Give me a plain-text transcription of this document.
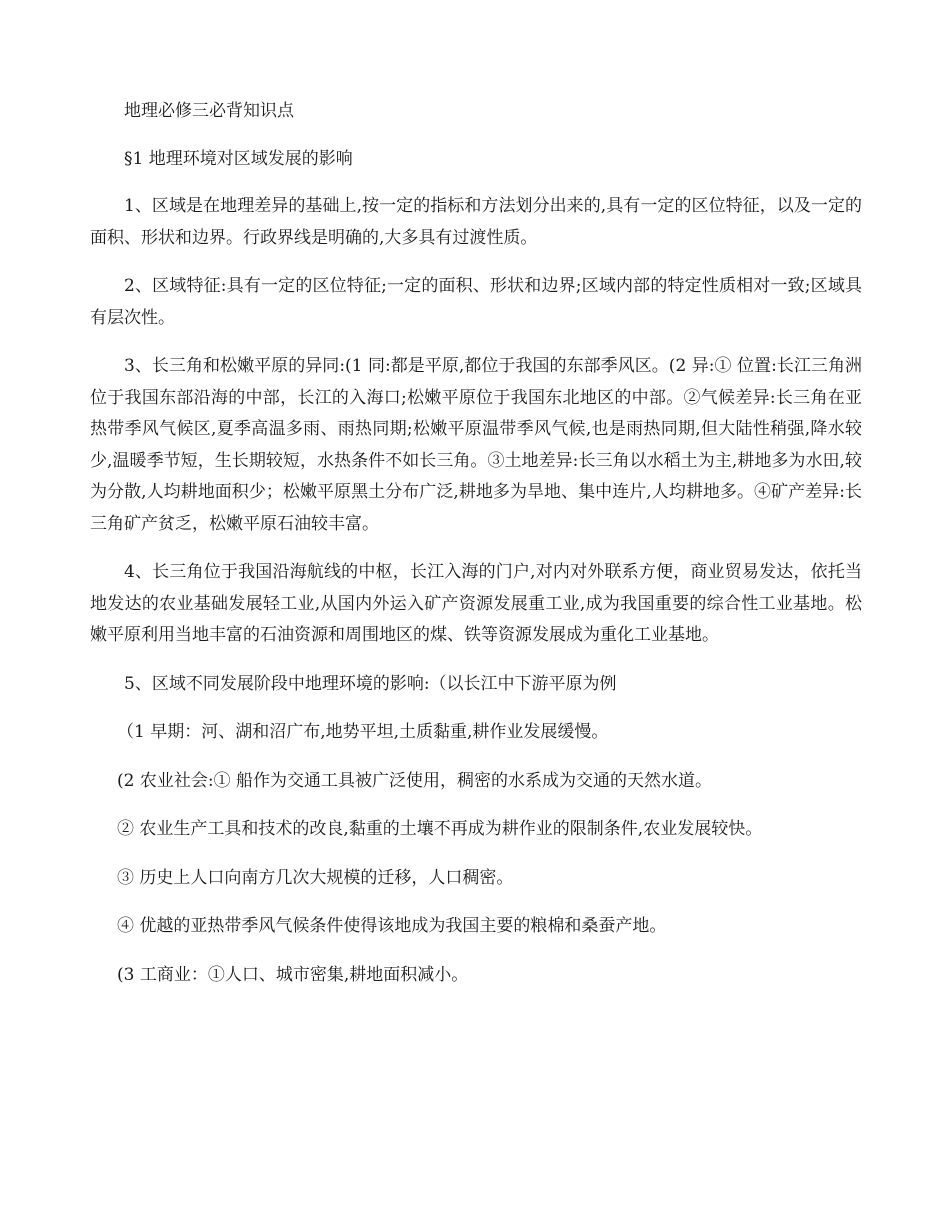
地理必修三必背知识点

§1 地理环境对区域发展的影响

1、区域是在地理差异的基础上,按一定的指标和方法划分出来的,具有一定的区位特征，以及一定的面积、形状和边界。行政界线是明确的,大多具有过渡性质。

2、区域特征:具有一定的区位特征;一定的面积、形状和边界;区域内部的特定性质相对一致;区域具有层次性。

3、长三角和松嫩平原的异同:(1 同:都是平原,都位于我国的东部季风区。(2 异:① 位置:长江三角洲位于我国东部沿海的中部，长江的入海口;松嫩平原位于我国东北地区的中部。②气候差异:长三角在亚热带季风气候区,夏季高温多雨、雨热同期;松嫩平原温带季风气候,也是雨热同期,但大陆性稍强,降水较少,温暖季节短，生长期较短，水热条件不如长三角。③土地差异:长三角以水稻土为主,耕地多为水田,较为分散,人均耕地面积少；松嫩平原黑土分布广泛,耕地多为旱地、集中连片,人均耕地多。④矿产差异:长三角矿产贫乏，松嫩平原石油较丰富。

4、长三角位于我国沿海航线的中枢，长江入海的门户,对内对外联系方便，商业贸易发达，依托当地发达的农业基础发展轻工业,从国内外运入矿产资源发展重工业,成为我国重要的综合性工业基地。松嫩平原利用当地丰富的石油资源和周围地区的煤、铁等资源发展成为重化工业基地。

5、区域不同发展阶段中地理环境的影响:（以长江中下游平原为例

（1 早期：河、湖和沼广布,地势平坦,土质黏重,耕作业发展缓慢。

(2 农业社会:① 船作为交通工具被广泛使用，稠密的水系成为交通的天然水道。

② 农业生产工具和技术的改良,黏重的土壤不再成为耕作业的限制条件,农业发展较快。

③ 历史上人口向南方几次大规模的迁移，人口稠密。

④ 优越的亚热带季风气候条件使得该地成为我国主要的粮棉和桑蚕产地。

(3 工商业：①人口、城市密集,耕地面积减小。
